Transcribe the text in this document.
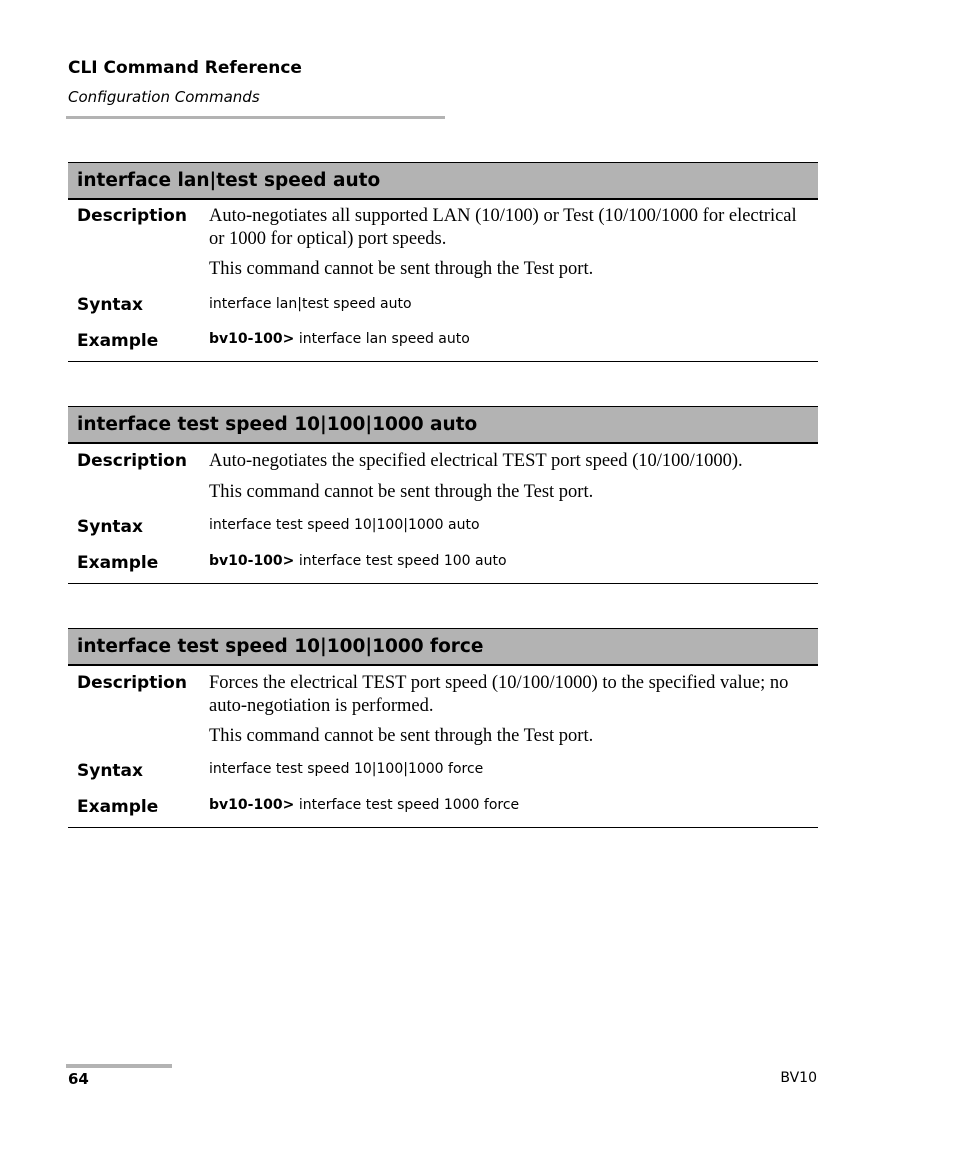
CLI Command Reference
Configuration Commands
interface lan|test speed auto
Description Auto-negotiates all supported LAN (10/100) or Test (10/100/1000 for electrical or 1000 for optical) port speeds.
This command cannot be sent through the Test port.
Syntax	interface lan|test speed auto
Example	bv10-100> interface lan speed auto
interface test speed 10|100|1000 auto
Description Auto-negotiates the specified electrical TEST port speed (10/100/1000).
This command cannot be sent through the Test port.
Syntax	interface test speed 10|100|1000 auto
Example	bv10-100> interface test speed 100 auto
interface test speed 10|100|1000 force
Description Forces the electrical TEST port speed (10/100/1000) to the specified value; no auto-negotiation is performed.
This command cannot be sent through the Test port.
Syntax	interface test speed 10|100|1000 force
Example	bv10-100> interface test speed 1000 force
64	BV10
